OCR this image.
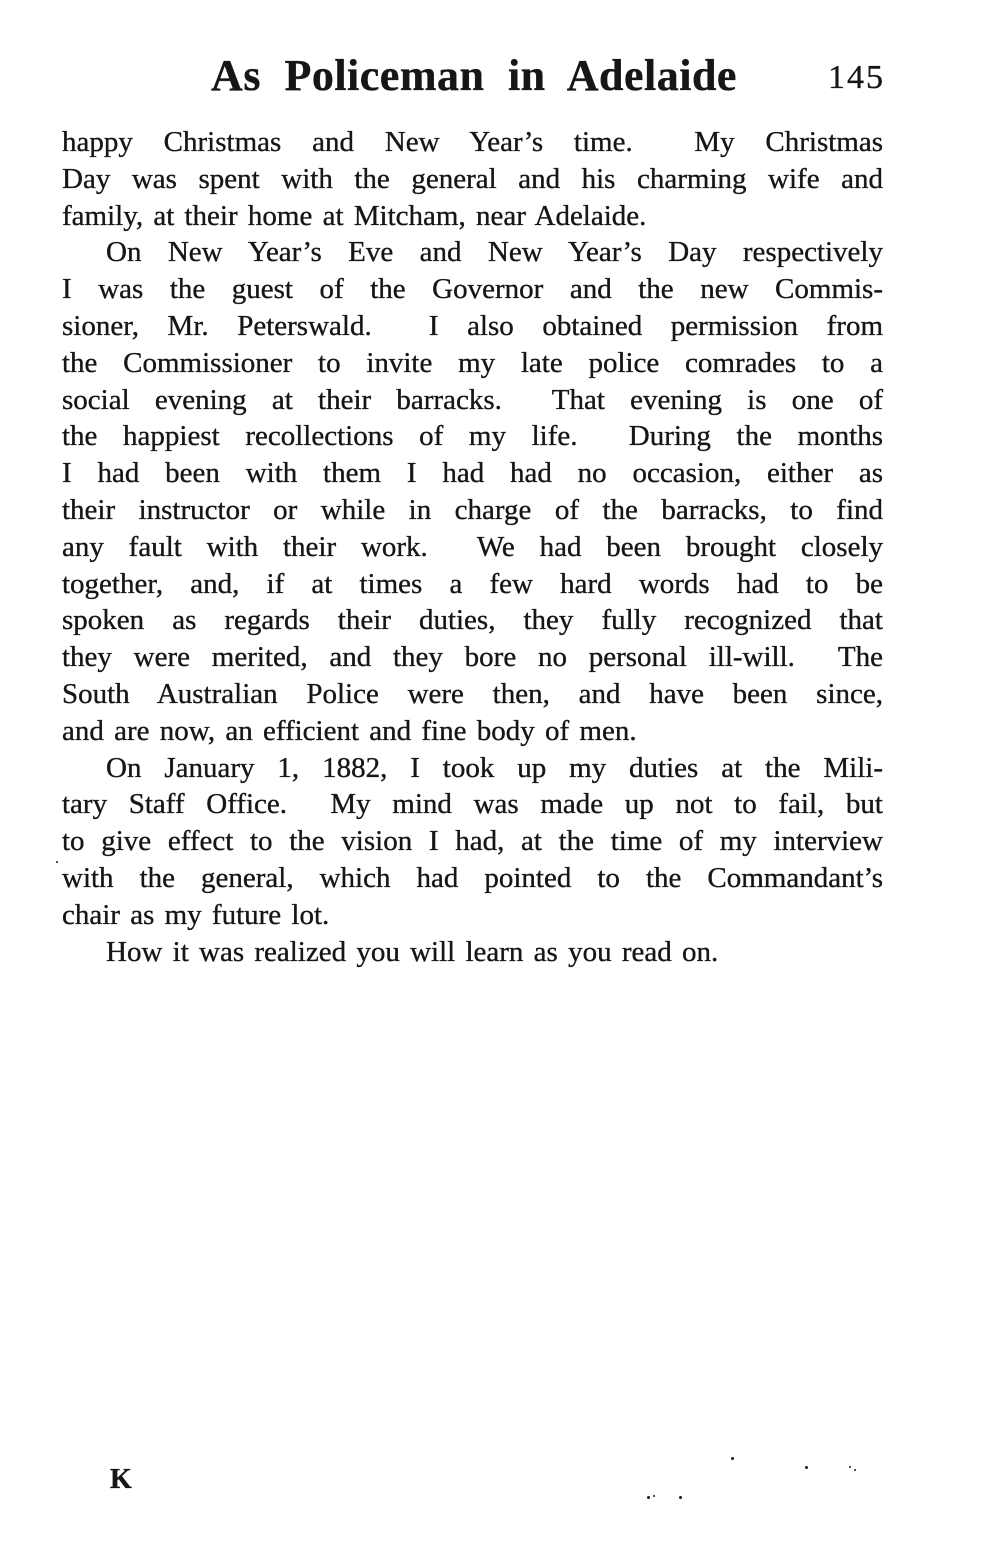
As Policeman in Adelaide	145

happy Christmas and New Year’s time.  My Christmas
Day was spent with the general and his charming wife and
family, at their home at Mitcham, near Adelaide.

On New Year’s Eve and New Year’s Day respectively
I was the guest of the Governor and the new Commis-
sioner, Mr. Peterswald.  I also obtained permission from
the Commissioner to invite my late police comrades to a
social evening at their barracks.  That evening is one of
the happiest recollections of my life.  During the months
I had been with them I had had no occasion, either as
their instructor or while in charge of the barracks, to find
any fault with their work.  We had been brought closely
together, and, if at times a few hard words had to be
spoken as regards their duties, they fully recognized that
they were merited, and they bore no personal ill-will.  The
South Australian Police were then, and have been since,
and are now, an efficient and fine body of men.

On January 1, 1882, I took up my duties at the Mili-
tary Staff Office.  My mind was made up not to fail, but
to give effect to the vision I had, at the time of my interview
with the general, which had pointed to the Commandant’s
chair as my future lot.

How it was realized you will learn as you read on.

K
